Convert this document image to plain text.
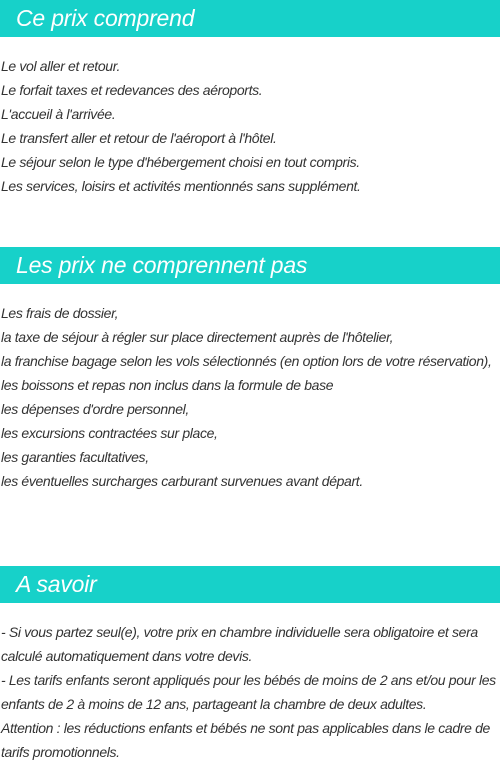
Ce prix comprend

Le vol aller et retour.

Le forfait taxes et redevances des aéroports.

L'accueil à l'arrivée.

Le transfert aller et retour de l'aéroport à l'hôtel.

Le séjour selon le type d'hébergement choisi en tout compris.

Les services, loisirs et activités mentionnés sans supplément.

Les prix ne comprennent pas

Les frais de dossier,

la taxe de séjour à régler sur place directement auprès de l'hôtelier,

la franchise bagage selon les vols sélectionnés (en option lors de votre réservation),

les boissons et repas non inclus dans la formule de base

les dépenses d'ordre personnel,

les excursions contractées sur place,

les garanties facultatives,

les éventuelles surcharges carburant survenues avant départ.

A savoir

- Si vous partez seul(e), votre prix en chambre individuelle sera obligatoire et sera calculé automatiquement dans votre devis.

- Les tarifs enfants seront appliqués pour les bébés de moins de 2 ans et/ou pour les enfants de 2 à moins de 12 ans, partageant la chambre de deux adultes.

Attention : les réductions enfants et bébés ne sont pas applicables dans le cadre de tarifs promotionnels.
